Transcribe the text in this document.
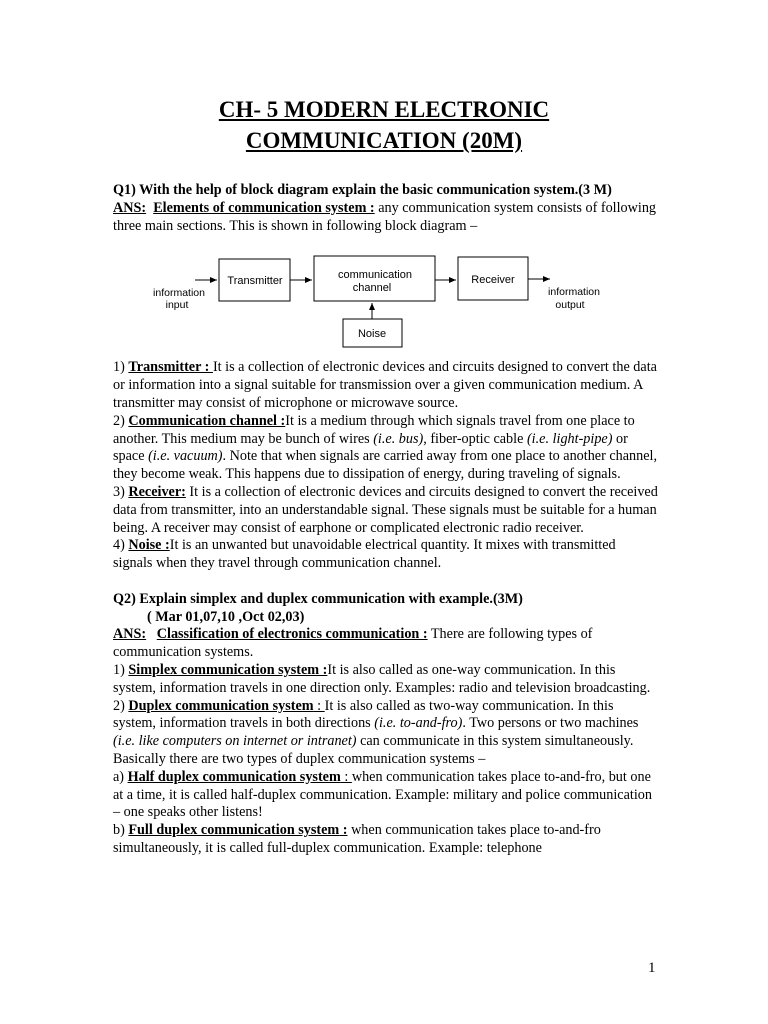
CH- 5 MODERN ELECTRONIC
COMMUNICATION (20M)

Q1) With the help of block diagram explain the basic communication system.(3 M)

ANS: Elements of communication system : any communication system consists of following three main sections. This is shown in following block diagram –

1) Transmitter : It is a collection of electronic devices and circuits designed to convert the data or information into a signal suitable for transmission over a given communication medium. A transmitter may consist of microphone or microwave source.

2) Communication channel :It is a medium through which signals travel from one place to another. This medium may be bunch of wires (i.e. bus), fiber-optic cable (i.e. light-pipe) or space (i.e. vacuum). Note that when signals are carried away from one place to another channel, they become weak. This happens due to dissipation of energy, during traveling of signals.

3) Receiver: It is a collection of electronic devices and circuits designed to convert the received data from transmitter, into an understandable signal. These signals must be suitable for a human being. A receiver may consist of earphone or complicated electronic radio receiver.

4) Noise :It is an unwanted but unavoidable electrical quantity. It mixes with transmitted signals when they travel through communication channel.

Q2) Explain simplex and duplex communication with example.(3M)

( Mar 01,07,10 ,Oct 02,03)

ANS: Classification of electronics communication : There are following types of communication systems.

1) Simplex communication system :It is also called as one-way communication. In this system, information travels in one direction only. Examples: radio and television broadcasting.

2) Duplex communication system : It is also called as two-way communication. In this system, information travels in both directions (i.e. to-and-fro). Two persons or two machines (i.e. like computers on internet or intranet) can communicate in this system simultaneously. Basically there are two types of duplex communication systems –

a) Half duplex communication system : when communication takes place to-and-fro, but one at a time, it is called half-duplex communication. Example: military and police communication – one speaks other listens!

b) Full duplex communication system : when communication takes place to-and-fro simultaneously, it is called full-duplex communication. Example: telephone

information
input
Transmitter	communication
channel
Receiver
information
output
Noise
1
